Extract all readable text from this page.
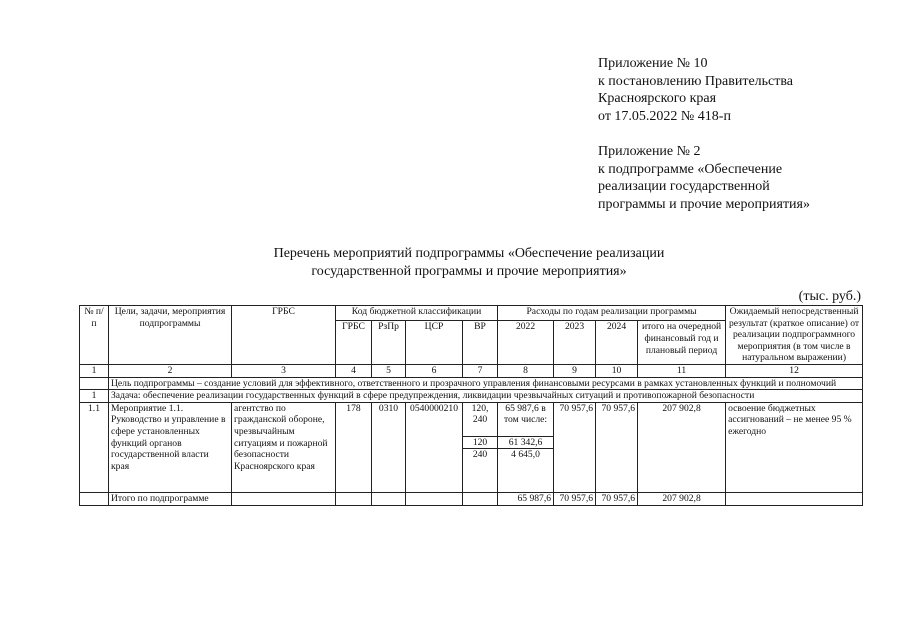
Приложение № 10
к постановлению Правительства
Красноярского края
от 17.05.2022 № 418-п
Приложение № 2
к подпрограмме «Обеспечение
реализации государственной
программы и прочие мероприятия»
Перечень мероприятий подпрограммы «Обеспечение реализации
государственной программы и прочие мероприятия»
(тыс. руб.)
№ п/п	Цели, задачи, мероприятия подпрограммы	ГРБС	Код бюджетной классификации				Расходы по годам реализации программы				Ожидаемый непосредственный результат (краткое описание) от реализации подпрограммного мероприятия (в том числе в натуральном выражении)
			ГРБС	РзПр	ЦСР	ВР	2022	2023	2024	итого на очередной финансовый год и плановый период	
1	2	3	4	5	6	7	8	9	10	11	12
	Цель подпрограммы – создание условий для эффективного, ответственного и прозрачного управления финансовыми ресурсами в рамках установленных функций и полномочий										
1	Задача: обеспечение реализации государственных функций в сфере предупреждения, ликвидации чрезвычайных ситуаций и противопожарной безопасности										
1.1	Мероприятие 1.1. Руководство и управление в сфере установленных функций органов государственной власти края	агентство по гражданской обороне, чрезвычайным ситуациям и пожарной безопасности Красноярского края	178	0310	0540000210	120, 240	65 987,6 в том числе:	70 957,6	70 957,6	207 902,8	освоение бюджетных ассигнований – не менее 95 % ежегодно
						120	61 342,6				
						240	4 645,0				
	Итого по подпрограмме						65 987,6	70 957,6	70 957,6	207 902,8	
